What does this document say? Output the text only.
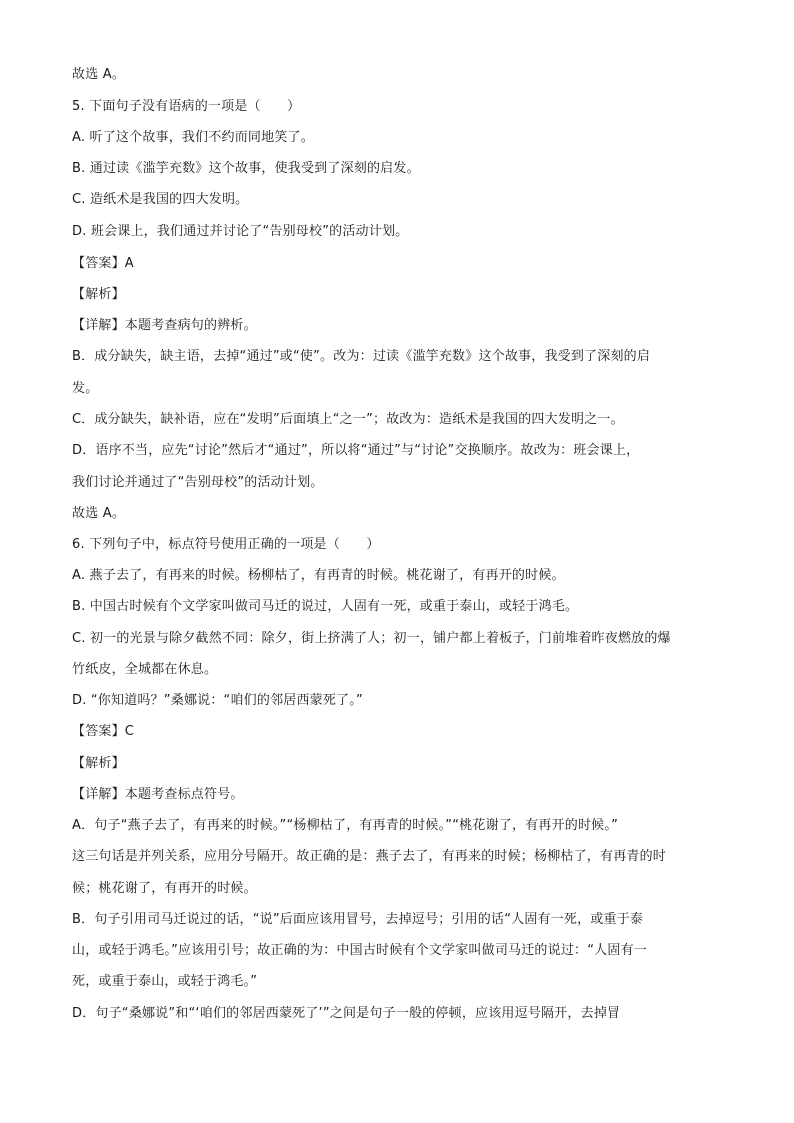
故选 A。
5. 下面句子没有语病的一项是（　　）
A. 听了这个故事，我们不约而同地笑了。
B. 通过读《滥竽充数》这个故事，使我受到了深刻的启发。
C. 造纸术是我国的四大发明。
D. 班会课上，我们通过并讨论了“告别母校”的活动计划。
【答案】A
【解析】
【详解】本题考查病句的辨析。
B．成分缺失，缺主语，去掉“通过”或“使”。改为：过读《滥竽充数》这个故事，我受到了深刻的启
发。
C．成分缺失，缺补语，应在“发明”后面填上“之一”；故改为：造纸术是我国的四大发明之一。
D．语序不当，应先“讨论”然后才“通过”，所以将“通过”与“讨论”交换顺序。故改为：班会课上，
我们讨论并通过了“告别母校”的活动计划。
故选 A。
6. 下列句子中，标点符号使用正确的一项是（　　）
A. 燕子去了，有再来的时候。杨柳枯了，有再青的时候。桃花谢了，有再开的时候。
B. 中国古时候有个文学家叫做司马迁的说过，人固有一死，或重于泰山，或轻于鸿毛。
C. 初一的光景与除夕截然不同：除夕，街上挤满了人；初一，铺户都上着板子，门前堆着昨夜燃放的爆
竹纸皮，全城都在休息。
D. “你知道吗？”桑娜说：“咱们的邻居西蒙死了。”
【答案】C
【解析】
【详解】本题考查标点符号。
A．句子“燕子去了，有再来的时候。”“杨柳枯了，有再青的时候。”“桃花谢了，有再开的时候。”
这三句话是并列关系，应用分号隔开。故正确的是：燕子去了，有再来的时候；杨柳枯了，有再青的时
候；桃花谢了，有再开的时候。
B．句子引用司马迁说过的话，“说”后面应该用冒号，去掉逗号；引用的话“人固有一死，或重于泰
山，或轻于鸿毛。”应该用引号；故正确的为：中国古时候有个文学家叫做司马迁的说过：“人固有一
死，或重于泰山，或轻于鸿毛。”
D．句子“桑娜说”和“‘咱们的邻居西蒙死了’”之间是句子一般的停顿，应该用逗号隔开，去掉冒
